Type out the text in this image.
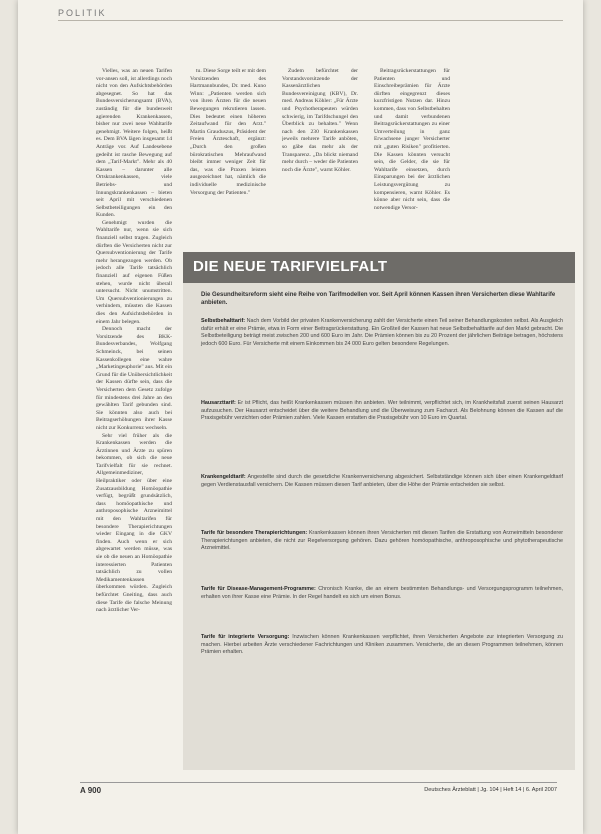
POLITIK

Vielles, was an neuen Tarifen vor-ansen soll, ist allerdings noch nicht von den Aufsichtsbehörden abgesegnet. So hat das Bundesversicherungsamt (BVA), zuständig für die bundesweit agierenden Krankenkassen, bisher nur zwei neue Wahltarife genehmigt. Weitere folgen, heißt es. Dem BVA lägen insgesamt 14 Anträge vor. Auf Landesebene gedeiht ist rasche Bewegung auf dem „Tarif-Markt". Mehr als 40 Kassen – darunter alle Ortskrankenkassen, viele Betriebs- und Innungskrankenkassen – bieten seit April mit verschiedenen Selbstbeteiligungen ein den Kunden.

Genehmigt wurden die Wahltarife nur, wenn sie sich finanziell selbst tragen. Zugleich dürften die Versicherten nicht zur Quersubventionierung der Tarife mehr herangezogen werden. Ob jedoch alle Tarife tatsächlich finanziell auf eigenen Füßen stehen, wurde nicht überall untersucht. Nicht unumstritten. Um Quersubventionierungen zu verhindern, müssten die Kassen dies den Aufsichtsbehörden in einem Jahr belegen.

Dennoch macht der Vorsitzende des BKK-Bundesverbandes, Wolfgang Schmeinck, bei seinen Kassenkollegen eine wahre „Marketingeuphorie" aus. Mit ein Grund für die Unübersichtlichkeit der Kassen dürfte sein, dass die Versicherten dem Gesetz zufolge für mindestens drei Jahre an den gewählten Tarif gebunden sind. Sie könnten also auch bei Beitragserhöhungen ihrer Kasse nicht zur Konkurrenz wechseln.

Sehr viel früher als die Krankenkassen werden die Ärztinnen und Ärzte zu spüren bekommen, ob sich die neue Tarifvielfalt für sie rechnet. Allgemeinmediziner, Heilpraktiker oder über eine Zusatzausbildung Homöopathie verfügt, begrüßt grundsätzlich, dass homöopathische und anthroposophische Arzneimittel mit den Wahltarifen für besondere Therapierichtungen wieder Eingang in die GKV finden. Auch wenn er sich abgewartet werden müsse, was sie ob die neuen an Homöopathie interessierten Patienten tatsächlich zu vollen Medikamentenkassen überkommen würden. Zugleich befürchtet Gneiting, dass auch diese Tarife die falsche Meinung nach ärztlicher Ver-

tu. Diese Sorge teilt er mit dem Vorsitzenden des Hartmannbundes, Dr. med. Kuno Winn: „Patienten werden sich von ihren Ärzten für die neuen Bewegungen rekrutieren lassen. Dies bedeutet einen höheren Zeitaufwand für den Arzt." Martin Grauduszus, Präsident der Freien Ärzteschaft, ergänzt: „Durch den großen bürokratischen Mehraufwand bleibt immer weniger Zeit für das, was die Praxen leisten ausgezeichnet hat, nämlich die individuelle medizinische Versorgung der Patienten."

Zudem befürchtet der Vorstandsvorsitzende der Kassenärztlichen Bundesvereinigung (KBV), Dr. med. Andreas Köhler: „Für Ärzte und Psychotherapeuten würden schwierig, im Tarifdschungel den Überblick zu behalten." Wenn nach den 230 Krankenkassen jeweils mehrere Tarife anböten, so gäbe das mehr als der Transparenz. „Da blickt niemand mehr durch – weder die Patienten noch die Ärzte", warnt Köhler.

Beitragsrückerstattungen für Patienten und Einschreibeprämien für Ärzte dürften eingegrenzt dieses kurzfristigen Nutzen dar. Hinzu kommen, dass von Selbstbehalten und damit verbundenen Beitragsrückerstattungen zu einer Umverteilung in ganz Erwachsene junger Versicherter mit „guten Risiken" profitierten. Die Kassen könnten versucht sein, die Gelder, die sie für Wahltarife einsetzen, durch Einsparungen bei der ärztlichen Leistungsvergütung zu kompensieren, warnt Köhler. Es könne aber nicht sein, dass die notwendige Versor-

DIE NEUE TARIFVIELFALT
Die Gesundheitsreform sieht eine Reihe von Tarifmodellen vor. Seit April können Kassen ihren Versicherten diese Wahltarife anbieten.
Selbstbehalttarif: Nach dem Vorbild der privaten Krankenversicherung zahlt der Versicherte einen Teil seiner Behandlungskosten selbst. Als Ausgleich dafür erhält er eine Prämie, etwa in Form einer Beitragsrückerstattung. Ein Großteil der Kassen hat neue Selbstbehalttarife auf den Markt gebracht. Die Selbstbeteiligung beträgt meist zwischen 200 und 600 Euro im Jahr. Die Prämien können bis zu 20 Prozent der jährlichen Beiträge betragen, höchstens jedoch 600 Euro. Für Versicherte mit einem Einkommen bis 24 000 Euro gelten besondere Regelungen.
Hausarzttarif: Er ist Pflicht, das heißt Krankenkassen müssen ihn anbieten. Wer teilnimmt, verpflichtet sich, im Krankheitsfall zuerst seinen Hausarzt aufzusuchen. Der Hausarzt entscheidet über die weitere Behandlung und die Überweisung zum Facharzt. Als Belohnung können die Kassen auf die Praxisgebühr verzichten oder Prämien zahlen. Viele Kassen erstatten die Praxisgebühr von 10 Euro im Quartal.
Krankengeldtarif: Angestellte sind durch die gesetzliche Krankenversicherung abgesichert. Selbstständige können sich über einen Krankengeldtarif gegen Verdienstausfall versichern. Die Kassen müssen diesen Tarif anbieten, über die Höhe der Prämie entscheiden sie selbst.
Tarife für besondere Therapierichtungen: Krankenkassen können ihren Versicherten mit diesen Tarifen die Erstattung von Arzneimitteln besonderer Therapierichtungen anbieten, die nicht zur Regelversorgung gehören. Dazu gehören homöopathische, anthroposophische und phytotherapeutische Arzneimittel.
Tarife für Disease-Management-Programme: Chronisch Kranke, die an einem bestimmten Behandlungs- und Versorgungsprogramm teilnehmen, erhalten von ihrer Kasse eine Prämie. In der Regel handelt es sich um einen Bonus.
Tarife für integrierte Versorgung: Inzwischen können Krankenkassen verpflichtet, ihren Versicherten Angebote zur integrierten Versorgung zu machen. Hierbei arbeiten Ärzte verschiedener Fachrichtungen und Kliniken zusammen. Versicherte, die an diesen Programmen teilnehmen, können Prämien erhalten.
A 900	Deutsches Ärzteblatt | Jg. 104 | Heft 14 | 6. April 2007
